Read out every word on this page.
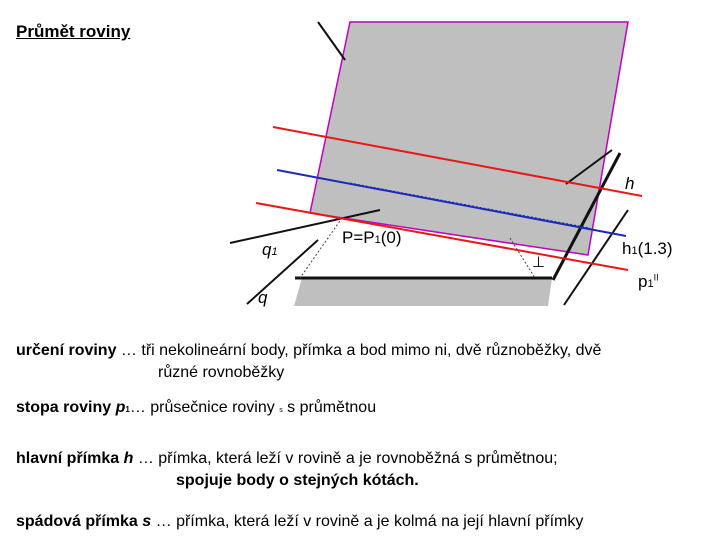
Průmět roviny
h
P=P1(0)
h1(1.3)
$p1^{II}$
q1
q
⊥
určení roviny … tři nekolineární body, přímka a bod mimo ni, dvě různoběžky, dvě
různé rovnoběžky
stopa roviny p1… průsečnice roviny s s průmětnou
hlavní přímka h … přímka, která leží v rovině a je rovnoběžná s průmětnou;
spojuje body o stejných kótách.
spádová přímka s … přímka, která leží v rovině a je kolmá na její hlavní přímky
